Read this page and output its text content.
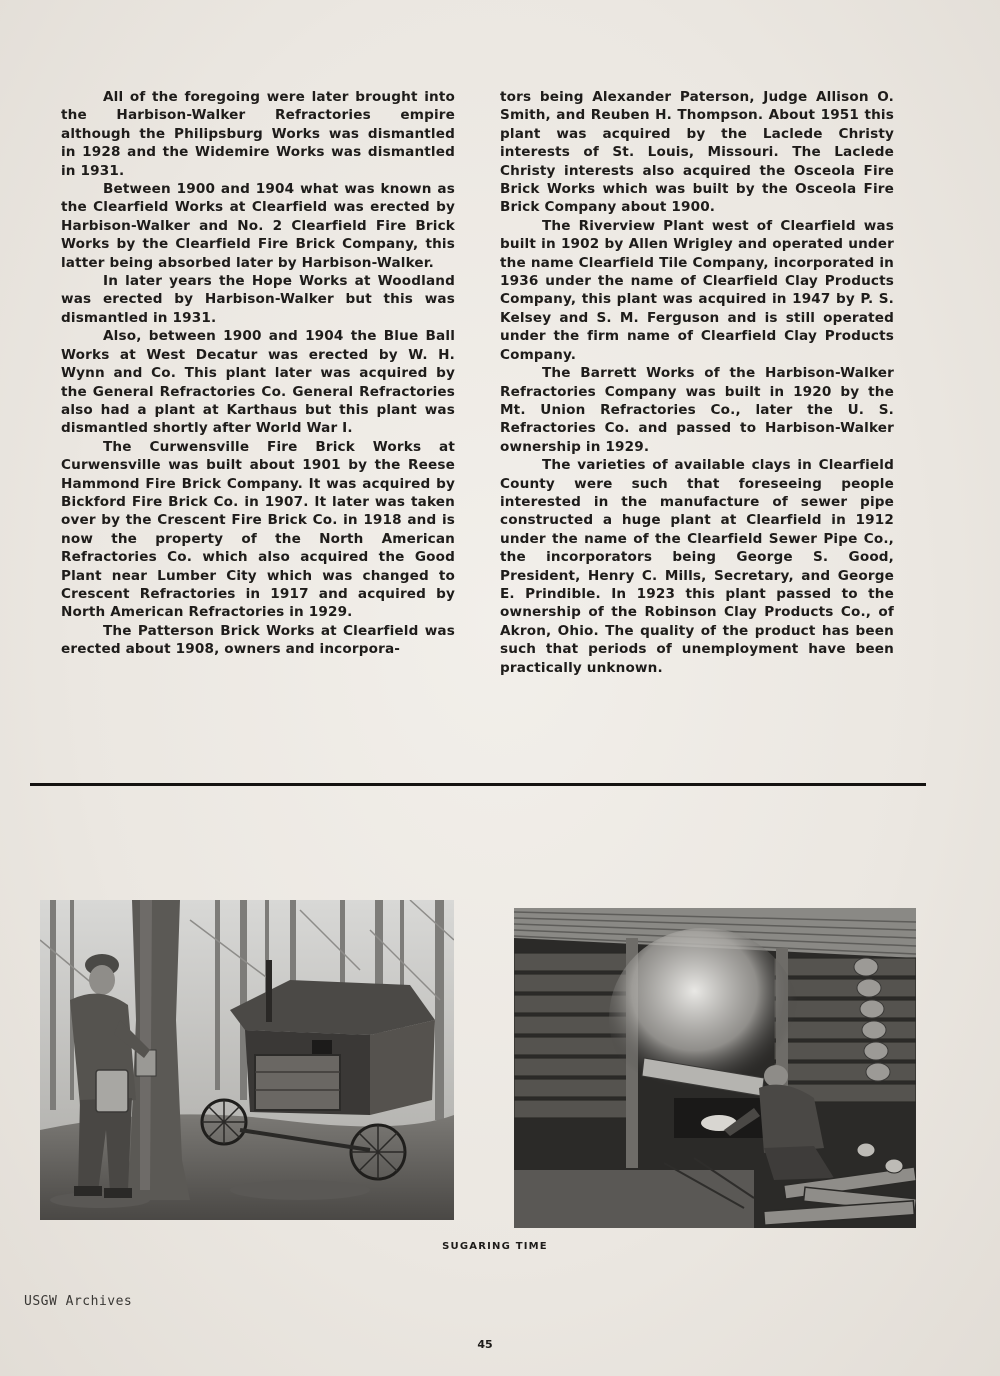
All of the foregoing were later brought into the Harbison-Walker Refractories empire although the Philipsburg Works was dismantled in 1928 and the Widemire Works was dismantled in 1931.

Between 1900 and 1904 what was known as the Clearfield Works at Clearfield was erected by Harbison-Walker and No. 2 Clearfield Fire Brick Works by the Clearfield Fire Brick Company, this latter being absorbed later by Harbison-Walker.

In later years the Hope Works at Woodland was erected by Harbison-Walker but this was dismantled in 1931.

Also, between 1900 and 1904 the Blue Ball Works at West Decatur was erected by W. H. Wynn and Co. This plant later was acquired by the General Refractories Co. General Refractories also had a plant at Karthaus but this plant was dismantled shortly after World War I.

The Curwensville Fire Brick Works at Curwensville was built about 1901 by the Reese Hammond Fire Brick Company. It was acquired by Bickford Fire Brick Co. in 1907. It later was taken over by the Crescent Fire Brick Co. in 1918 and is now the property of the North American Refractories Co. which also acquired the Good Plant near Lumber City which was changed to Crescent Refractories in 1917 and acquired by North American Refractories in 1929.

The Patterson Brick Works at Clearfield was erected about 1908, owners and incorpora-

tors being Alexander Paterson, Judge Allison O. Smith, and Reuben H. Thompson. About 1951 this plant was acquired by the Laclede Christy interests of St. Louis, Missouri. The Laclede Christy interests also acquired the Osceola Fire Brick Works which was built by the Osceola Fire Brick Company about 1900.

The Riverview Plant west of Clearfield was built in 1902 by Allen Wrigley and operated under the name Clearfield Tile Company, incorporated in 1936 under the name of Clearfield Clay Products Company, this plant was acquired in 1947 by P. S. Kelsey and S. M. Ferguson and is still operated under the firm name of Clearfield Clay Products Company.

The Barrett Works of the Harbison-Walker Refractories Company was built in 1920 by the Mt. Union Refractories Co., later the U. S. Refractories Co. and passed to Harbison-Walker ownership in 1929.

The varieties of available clays in Clearfield County were such that foreseeing people interested in the manufacture of sewer pipe constructed a huge plant at Clearfield in 1912 under the name of the Clearfield Sewer Pipe Co., the incorporators being George S. Good, President, Henry C. Mills, Secretary, and George E. Prindible. In 1923 this plant passed to the ownership of the Robinson Clay Products Co., of Akron, Ohio. The quality of the product has been such that periods of unemployment have been practically unknown.

SUGARING TIME
USGW Archives
45
